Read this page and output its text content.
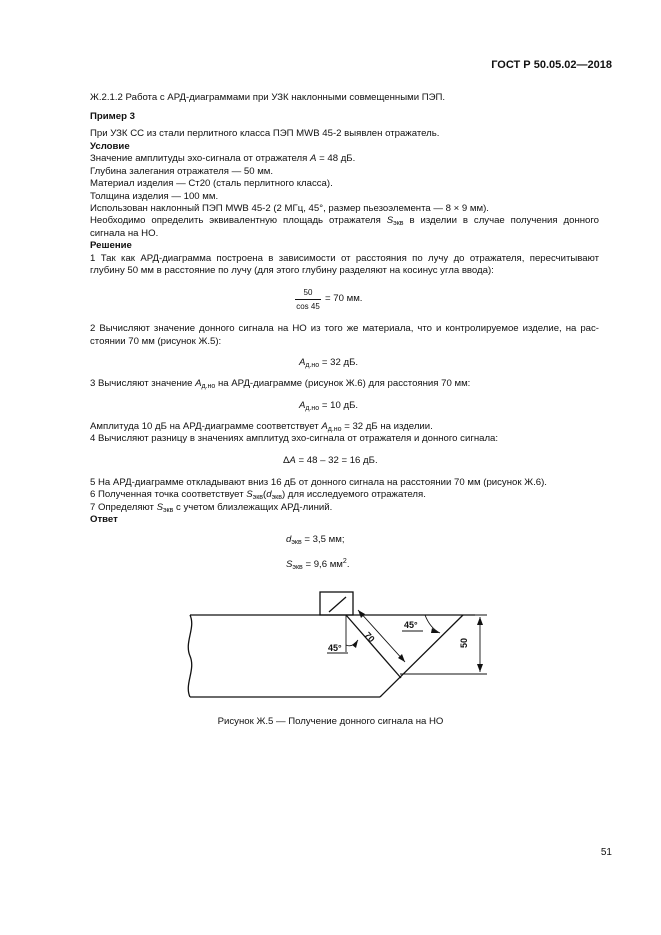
ГОСТ Р 50.05.02—2018
Ж.2.1.2 Работа с АРД-диаграммами при УЗК наклонными совмещенными ПЭП.
Пример 3
При УЗК СС из стали перлитного класса ПЭП MWB 45-2 выявлен отражатель.
Условие
Значение амплитуды эхо-сигнала от отражателя A = 48 дБ.
Глубина залегания отражателя — 50 мм.
Материал изделия — Ст20 (сталь перлитного класса).
Толщина изделия — 100 мм.
Использован наклонный ПЭП MWB 45-2 (2 МГц, 45°, размер пьезоэлемента — 8 × 9 мм).
Необходимо определить эквивалентную площадь отражателя $S_{экв}$ в изделии в случае получения донного
сигнала на НО.
Решение
1 Так как АРД-диаграмма построена в зависимости от расстояния по лучу до отражателя, пересчитывают
глубину 50 мм в расстояние по лучу (для этого глубину разделяют на косинус угла ввода):
50
cos 45
= 70 мм.
2 Вычисляют значение донного сигнала на НО из того же материала, что и контролируемое изделие, на рас-
стоянии 70 мм (рисунок Ж.5):
$A_{д.но} = 32$ дБ.
3 Вычисляют значение $A_{д.но}$ на АРД-диаграмме (рисунок Ж.6) для расстояния 70 мм:
$A_{д.но} = 10$ дБ.
Амплитуда 10 дБ на АРД-диаграмме соответствует $A_{д.но} = 32$ дБ на изделии.
4 Вычисляют разницу в значениях амплитуд эхо-сигнала от отражателя и донного сигнала:
ΔA = 48 – 32 = 16 дБ.
5 На АРД-диаграмме откладывают вниз 16 дБ от донного сигнала на расстоянии 70 мм (рисунок Ж.6).
6 Полученная точка соответствует $S_{экв}(d_{экв})$ для исследуемого отражателя.
7 Определяют $S_{экв}$ с учетом близлежащих АРД-линий.
Ответ
$d_{экв} = 3,5$ мм;
$S_{экв} = 9,6$ $мм^2$.
45°
45°
70	50
Рисунок Ж.5 — Получение донного сигнала на НО
51
